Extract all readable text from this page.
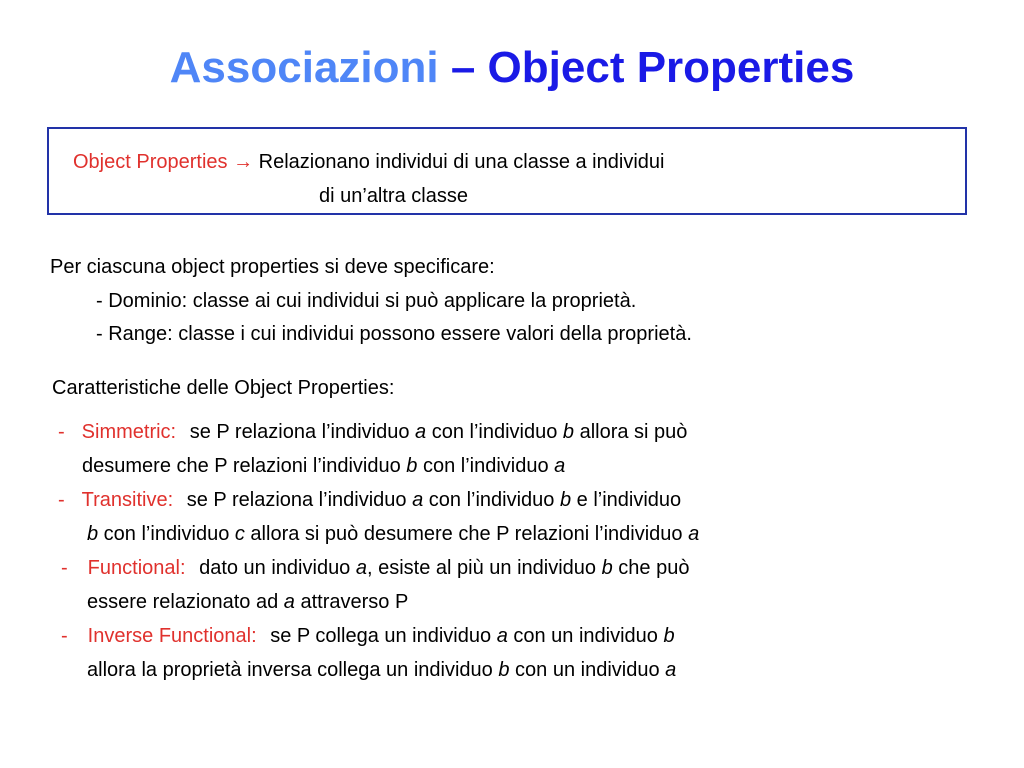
Associazioni – Object Properties
Object Properties → Relazionano individui di una classe a individui
di un’altra classe
Per ciascuna object properties si deve specificare:
- Dominio: classe ai cui individui si può applicare la proprietà.
- Range: classe i cui individui possono essere valori della proprietà.
Caratteristiche delle Object Properties:
- Simmetric: se P relaziona l’individuo a con l’individuo b allora si può
desumere che P relazioni l’individuo b con l’individuo a
- Transitive: se P relaziona l’individuo a con l’individuo b e l’individuo
b con l’individuo c allora si può desumere che P relazioni l’individuo a
- Functional: dato un individuo a, esiste al più un individuo b che può
essere relazionato ad a attraverso P
- Inverse Functional: se P collega un individuo a con un individuo b
allora la proprietà inversa collega un individuo b con un individuo a
